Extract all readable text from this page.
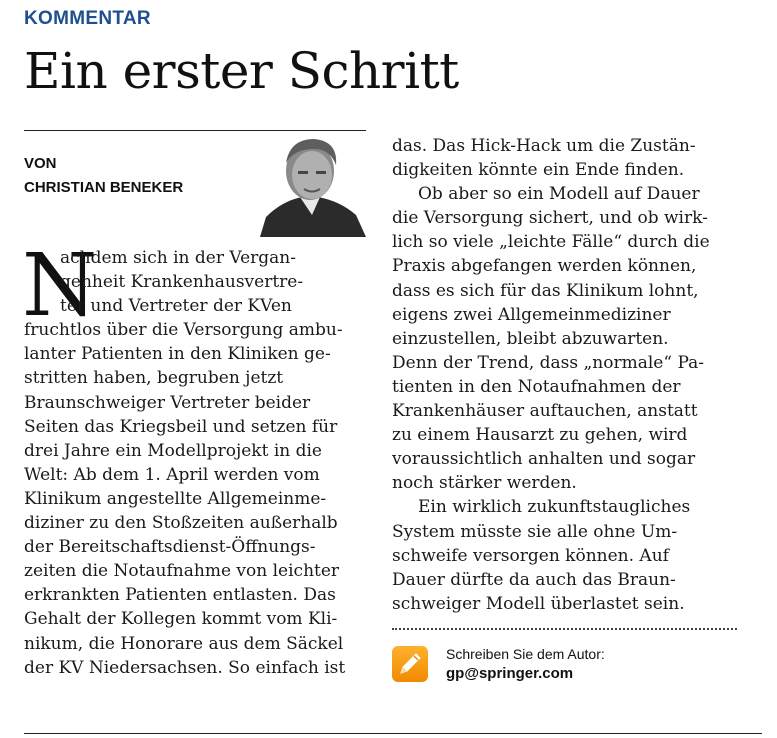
KOMMENTAR
Ein erster Schritt
VON
CHRISTIAN BENEKER
N
achdem sich in der Vergan-
genheit Krankenhausvertre-
ter und Vertreter der KVen
fruchtlos über die Versorgung ambu-
lanter Patienten in den Kliniken ge-
stritten haben, begruben jetzt
Braunschweiger Vertreter beider
Seiten das Kriegsbeil und setzen für
drei Jahre ein Modellprojekt in die
Welt: Ab dem 1. April werden vom
Klinikum angestellte Allgemeinme-
diziner zu den Stoßzeiten außerhalb
der Bereitschaftsdienst-Öffnungs-
zeiten die Notaufnahme von leichter
erkrankten Patienten entlasten. Das
Gehalt der Kollegen kommt vom Kli-
nikum, die Honorare aus dem Säckel
der KV Niedersachsen. So einfach ist
das. Das Hick-Hack um die Zustän-
digkeiten könnte ein Ende finden.
Ob aber so ein Modell auf Dauer
die Versorgung sichert, und ob wirk-
lich so viele „leichte Fälle“ durch die
Praxis abgefangen werden können,
dass es sich für das Klinikum lohnt,
eigens zwei Allgemeinmediziner
einzustellen, bleibt abzuwarten.
Denn der Trend, dass „normale“ Pa-
tienten in den Notaufnahmen der
Krankenhäuser auftauchen, anstatt
zu einem Hausarzt zu gehen, wird
voraussichtlich anhalten und sogar
noch stärker werden.
Ein wirklich zukunftstaugliches
System müsste sie alle ohne Um-
schweife versorgen können. Auf
Dauer dürfte da auch das Braun-
schweiger Modell überlastet sein.
Schreiben Sie dem Autor:
gp@springer.com
